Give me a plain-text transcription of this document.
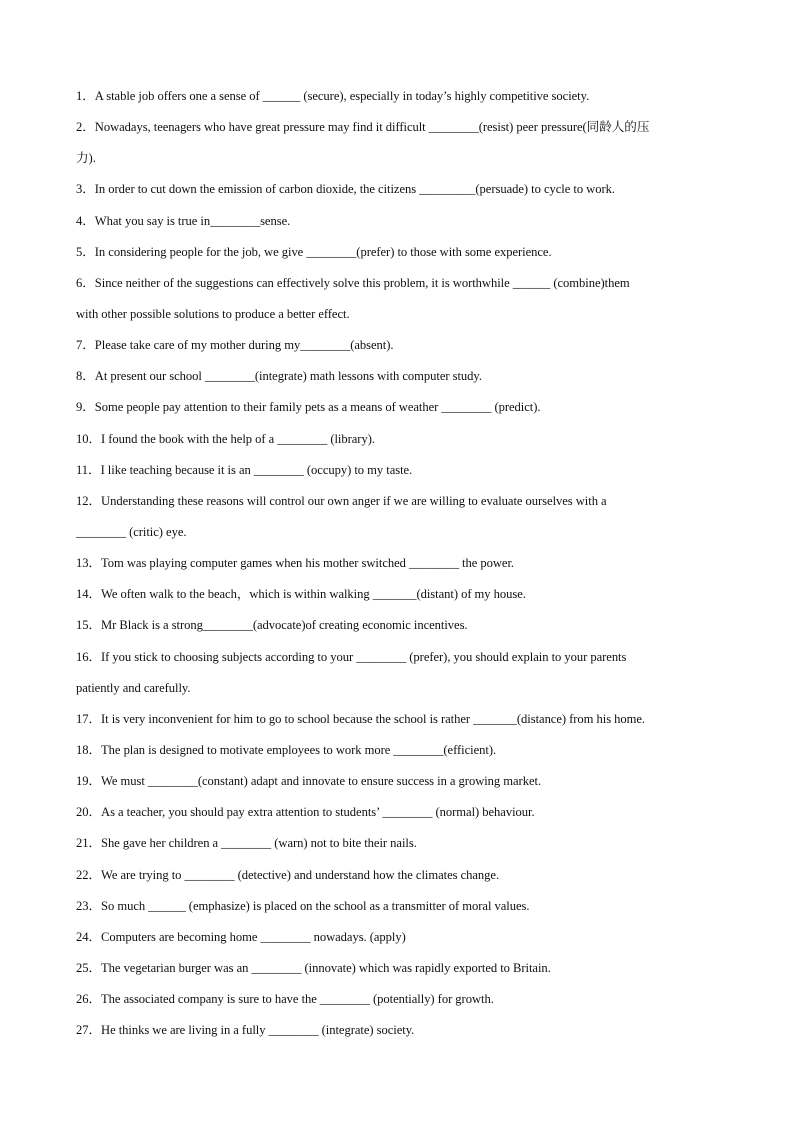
1．A stable job offers one a sense of ______ (secure), especially in today’s highly competitive society.
2．Nowadays, teenagers who have great pressure may find it difficult ________(resist) peer pressure(同龄人的压
力).
3．In order to cut down the emission of carbon dioxide, the citizens _________(persuade) to cycle to work.
4．What you say is true in________sense.
5．In considering people for the job, we give ________(prefer) to those with some experience.
6．Since neither of the suggestions can effectively solve this problem, it is worthwhile ______ (combine)them
with other possible solutions to produce a better effect.
7．Please take care of my mother during my________(absent).
8．At present our school ________(integrate) math lessons with computer study.
9．Some people pay attention to their family pets as a means of weather ________ (predict).
10．I found the book with the help of a ________ (library).
11．I like teaching because it is an ________ (occupy) to my taste.
12．Understanding these reasons will control our own anger if we are willing to evaluate ourselves with a
________ (critic) eye.
13．Tom was playing computer games when his mother switched ________ the power.
14．We often walk to the beach，which is within walking _______(distant) of my house.
15．Mr Black is a strong________(advocate)of creating economic incentives.
16．If you stick to choosing subjects according to your ________ (prefer), you should explain to your parents
patiently and carefully.
17．It is very inconvenient for him to go to school because the school is rather _______(distance) from his home.
18．The plan is designed to motivate employees to work more ________(efficient).
19．We must ________(constant) adapt and innovate to ensure success in a growing market.
20．As a teacher, you should pay extra attention to students’ ________ (normal) behaviour.
21．She gave her children a ________ (warn) not to bite their nails.
22．We are trying to ________ (detective) and understand how the climates change.
23．So much ______ (emphasize) is placed on the school as a transmitter of moral values.
24．Computers are becoming home ________ nowadays. (apply)
25．The vegetarian burger was an ________ (innovate) which was rapidly exported to Britain.
26．The associated company is sure to have the ________ (potentially) for growth.
27．He thinks we are living in a fully ________ (integrate) society.
